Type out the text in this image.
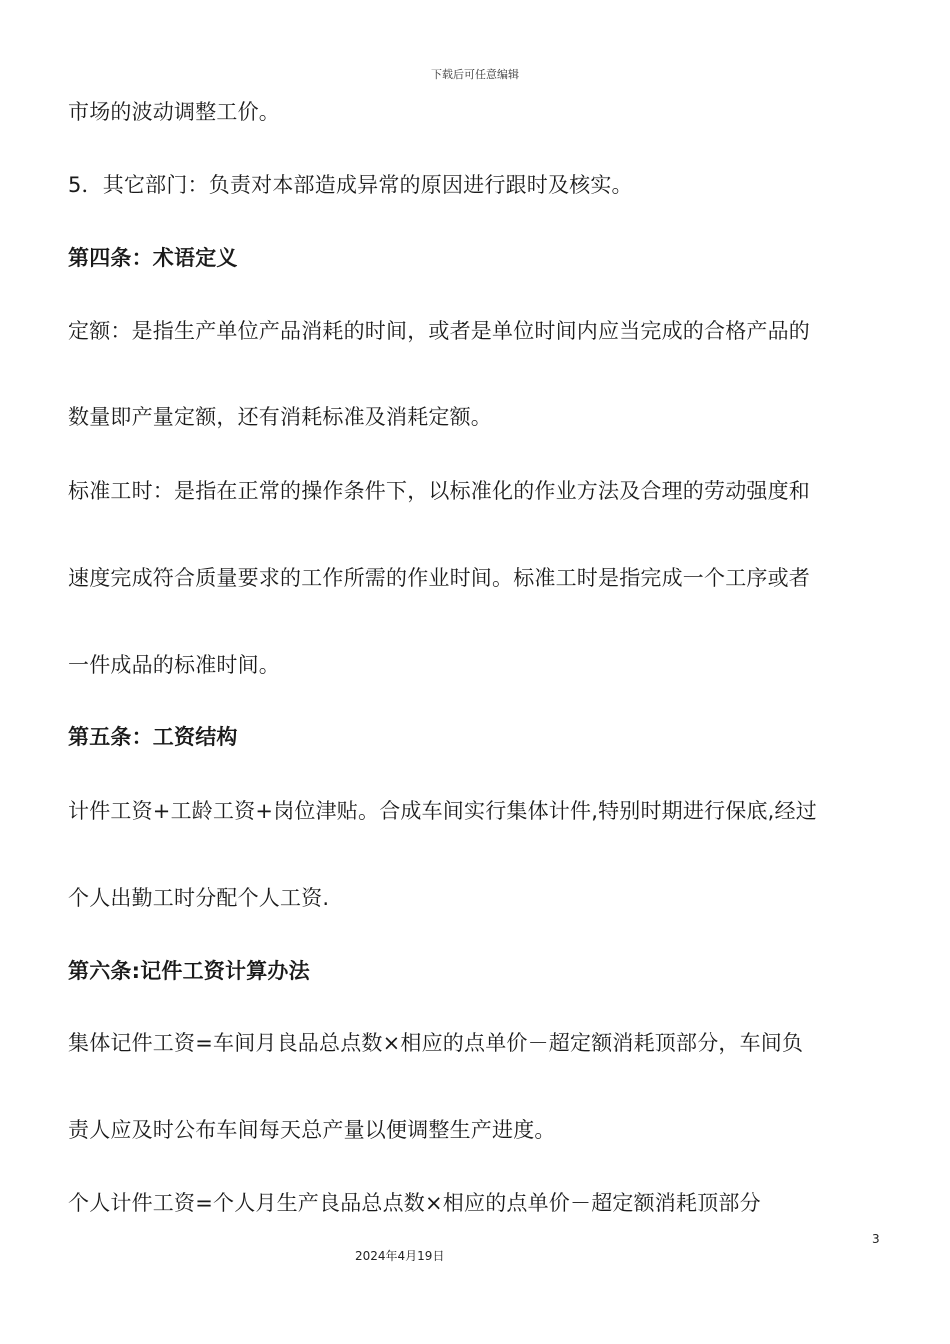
下载后可任意编辑
市场的波动调整工价。
5．其它部门：负责对本部造成异常的原因进行跟时及核实。
第四条：术语定义
定额：是指生产单位产品消耗的时间，或者是单位时间内应当完成的合格产品的
数量即产量定额，还有消耗标准及消耗定额。
标准工时：是指在正常的操作条件下，以标准化的作业方法及合理的劳动强度和
速度完成符合质量要求的工作所需的作业时间。标准工时是指完成一个工序或者
一件成品的标准时间。
第五条：工资结构
计件工资+工龄工资+岗位津贴。合成车间实行集体计件,特别时期进行保底,经过
个人出勤工时分配个人工资.
第六条:记件工资计算办法
集体记件工资=车间月良品总点数×相应的点单价－超定额消耗顶部分，车间负
责人应及时公布车间每天总产量以便调整生产进度。
个人计件工资=个人月生产良品总点数×相应的点单价－超定额消耗顶部分
3
2024年4月19日
